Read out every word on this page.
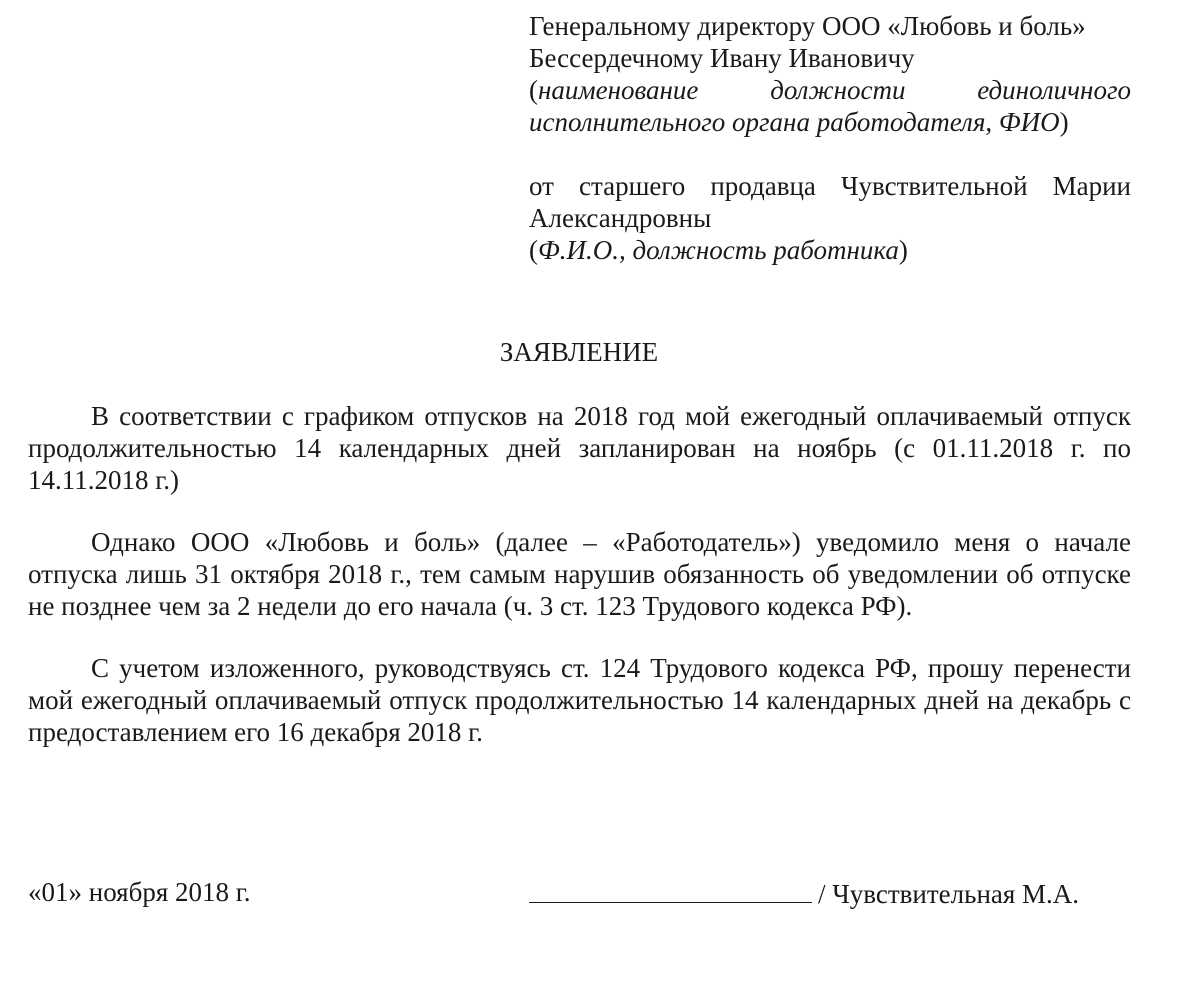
Генеральному директору ООО «Любовь и боль»
Бессердечному Ивану Ивановичу
(наименование должности единоличного исполнительного органа работодателя, ФИО)
от старшего продавца Чувствительной Марии Александровны
(Ф.И.О., должность работника)
ЗАЯВЛЕНИЕ

В соответствии с графиком отпусков на 2018 год мой ежегодный оплачиваемый отпуск продолжительностью 14 календарных дней запланирован на ноябрь (с 01.11.2018 г. по 14.11.2018 г.)

Однако ООО «Любовь и боль» (далее – «Работодатель») уведомило меня о начале отпуска лишь 31 октября 2018 г., тем самым нарушив обязанность об уведомлении об отпуске не позднее чем за 2 недели до его начала (ч. 3 ст. 123 Трудового кодекса РФ).

С учетом изложенного, руководствуясь ст. 124 Трудового кодекса РФ, прошу перенести мой ежегодный оплачиваемый отпуск продолжительностью 14 календарных дней на декабрь с предоставлением его 16 декабря 2018 г.

«01» ноября 2018 г.	/ Чувствительная М.А.
